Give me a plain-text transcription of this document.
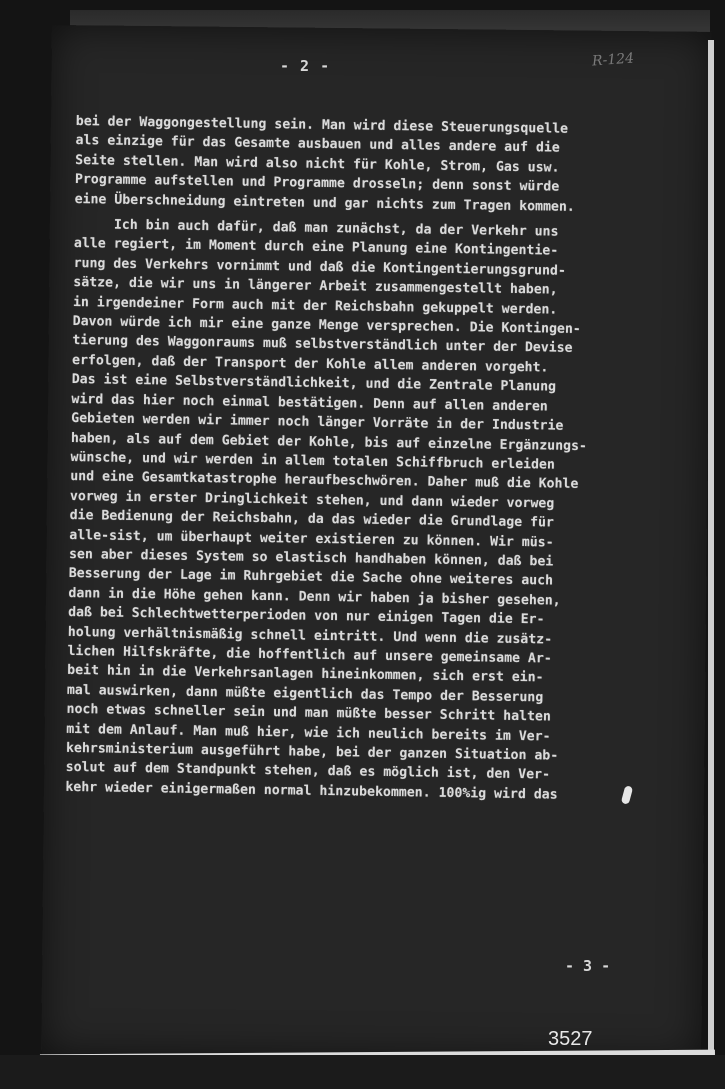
- 2 -	R-124
bei der Waggongestellung sein. Man wird diese Steuerungsquelle
als einzige für das Gesamte ausbauen und alles andere auf die
Seite stellen. Man wird also nicht für Kohle, Strom, Gas usw.
Programme aufstellen und Programme drosseln; denn sonst würde
eine Überschneidung eintreten und gar nichts zum Tragen kommen.
Ich bin auch dafür, daß man zunächst, da der Verkehr uns
alle regiert, im Moment durch eine Planung eine Kontingentie-
rung des Verkehrs vornimmt und daß die Kontingentierungsgrund-
sätze, die wir uns in längerer Arbeit zusammengestellt haben,
in irgendeiner Form auch mit der Reichsbahn gekuppelt werden.
Davon würde ich mir eine ganze Menge versprechen. Die Kontingen-
tierung des Waggonraums muß selbstverständlich unter der Devise
erfolgen, daß der Transport der Kohle allem anderen vorgeht.
Das ist eine Selbstverständlichkeit, und die Zentrale Planung
wird das hier noch einmal bestätigen. Denn auf allen anderen
Gebieten werden wir immer noch länger Vorräte in der Industrie
haben, als auf dem Gebiet der Kohle, bis auf einzelne Ergänzungs-
wünsche, und wir werden in allem totalen Schiffbruch erleiden
und eine Gesamtkatastrophe heraufbeschwören. Daher muß die Kohle
vorweg in erster Dringlichkeit stehen, und dann wieder vorweg
die Bedienung der Reichsbahn, da das wieder die Grundlage für
alle-sist, um überhaupt weiter existieren zu können. Wir müs-
sen aber dieses System so elastisch handhaben können, daß bei
Besserung der Lage im Ruhrgebiet die Sache ohne weiteres auch
dann in die Höhe gehen kann. Denn wir haben ja bisher gesehen,
daß bei Schlechtwetterperioden von nur einigen Tagen die Er-
holung verhältnismäßig schnell eintritt. Und wenn die zusätz-
lichen Hilfskräfte, die hoffentlich auf unsere gemeinsame Ar-
beit hin in die Verkehrsanlagen hineinkommen, sich erst ein-
mal auswirken, dann müßte eigentlich das Tempo der Besserung
noch etwas schneller sein und man müßte besser Schritt halten
mit dem Anlauf. Man muß hier, wie ich neulich bereits im Ver-
kehrsministerium ausgeführt habe, bei der ganzen Situation ab-
solut auf dem Standpunkt stehen, daß es möglich ist, den Ver-
kehr wieder einigermaßen normal hinzubekommen. 100%ig wird das
- 3 -
3527
